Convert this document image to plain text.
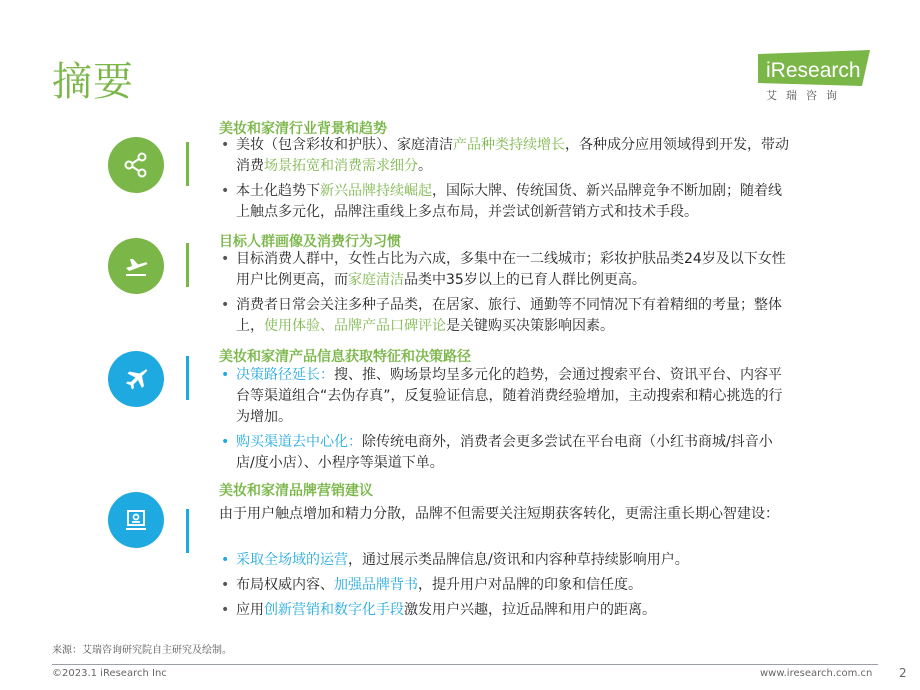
摘要	iResearch
艾瑞咨询
美妆和家清行业背景和趋势
• 美妆（包含彩妆和护肤）、家庭清洁产品种类持续增长，各种成分应用领域得到开发，带动消费场景拓宽和消费需求细分。
• 本土化趋势下新兴品牌持续崛起，国际大牌、传统国货、新兴品牌竞争不断加剧；随着线上触点多元化，品牌注重线上多点布局，并尝试创新营销方式和技术手段。
目标人群画像及消费行为习惯
• 目标消费人群中，女性占比为六成，多集中在一二线城市；彩妆护肤品类24岁及以下女性用户比例更高，而家庭清洁品类中35岁以上的已育人群比例更高。
• 消费者日常会关注多种子品类，在居家、旅行、通勤等不同情况下有着精细的考量；整体上，使用体验、品牌产品口碑评论是关键购买决策影响因素。
美妆和家清产品信息获取特征和决策路径
• 决策路径延长：搜、推、购场景均呈多元化的趋势，会通过搜索平台、资讯平台、内容平台等渠道组合“去伪存真”，反复验证信息，随着消费经验增加，主动搜索和精心挑选的行为增加。
• 购买渠道去中心化：除传统电商外，消费者会更多尝试在平台电商（小红书商城/抖音小店/度小店）、小程序等渠道下单。
美妆和家清品牌营销建议

由于用户触点增加和精力分散，品牌不但需要关注短期获客转化，更需注重长期心智建设：

• 采取全场域的运营，通过展示类品牌信息/资讯和内容种草持续影响用户。
• 布局权威内容、加强品牌背书，提升用户对品牌的印象和信任度。
• 应用创新营销和数字化手段激发用户兴趣，拉近品牌和用户的距离。
来源：艾瑞咨询研究院自主研究及绘制。
©2023.1 iResearch Inc	www.iresearch.com.cn 2
